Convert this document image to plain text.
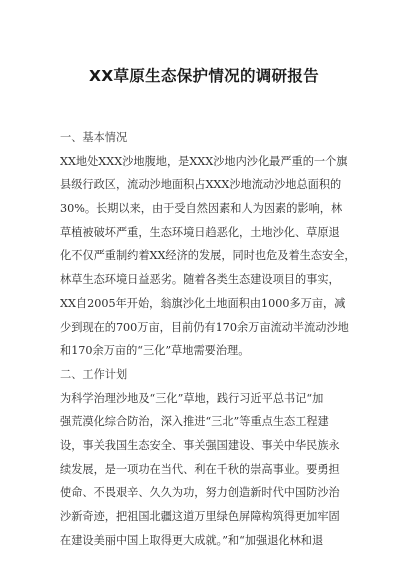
XX草原生态保护情况的调研报告
一、基本情况
XX地处XXX沙地腹地，是XXX沙地内沙化最严重的一个旗
县级行政区，流动沙地面积占XXX沙地流动沙地总面积的
30%。长期以来，由于受自然因素和人为因素的影响，林
草植被破坏严重，生态环境日趋恶化，土地沙化、草原退
化不仅严重制约着XX经济的发展，同时也危及着生态安全，
林草生态环境日益恶劣。随着各类生态建设项目的事实，
XX自2005年开始，翁旗沙化土地面积由1000多万亩，减
少到现在的700万亩，目前仍有170余万亩流动半流动沙地
和170余万亩的“三化”草地需要治理。
二、工作计划
为科学治理沙地及“三化”草地，践行习近平总书记“加
强荒漠化综合防治，深入推进“三北”等重点生态工程建
设，事关我国生态安全、事关强国建设、事关中华民族永
续发展，是一项功在当代、利在千秋的崇高事业。要勇担
使命、不畏艰辛、久久为功，努力创造新时代中国防沙治
沙新奇迹，把祖国北疆这道万里绿色屏障构筑得更加牢固
在建设美丽中国上取得更大成就。”和“加强退化林和退
